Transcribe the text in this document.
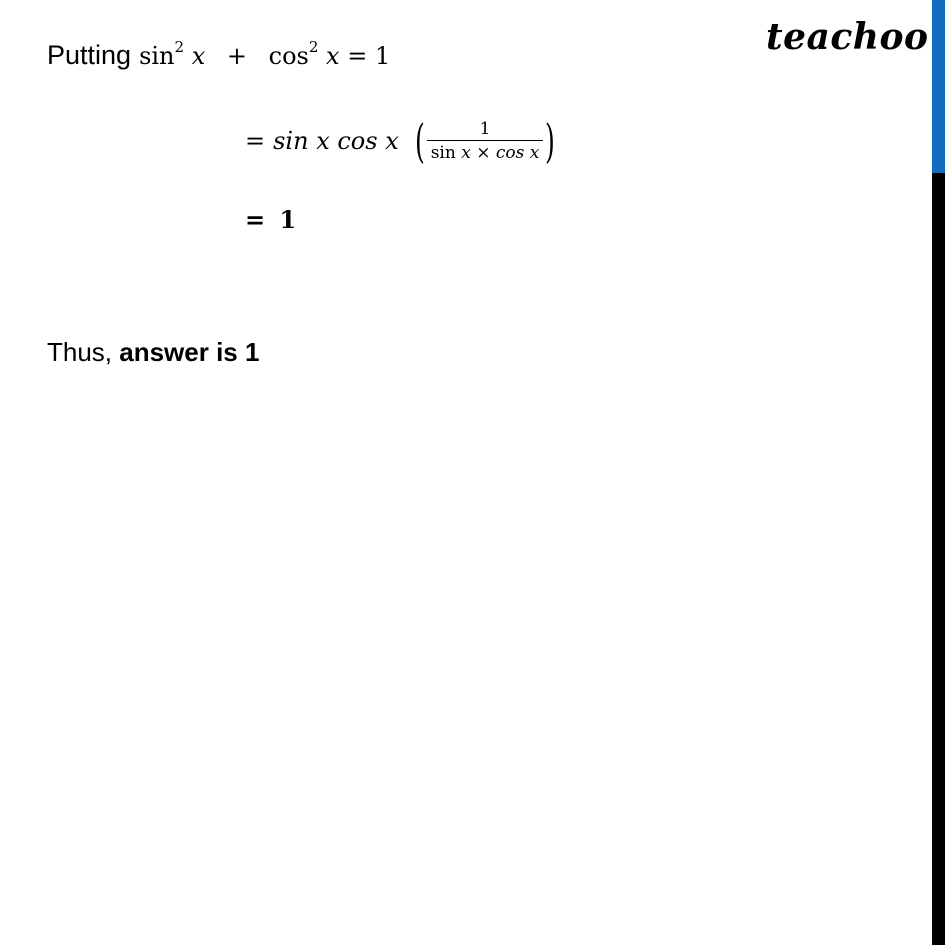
teachoo
Putting $\sin^2 x + \cos^2 x = 1$
= sin x cos x ( $\frac{1}{\text{sin x × cos x}}$ )
= 1
Thus, answer is 1
